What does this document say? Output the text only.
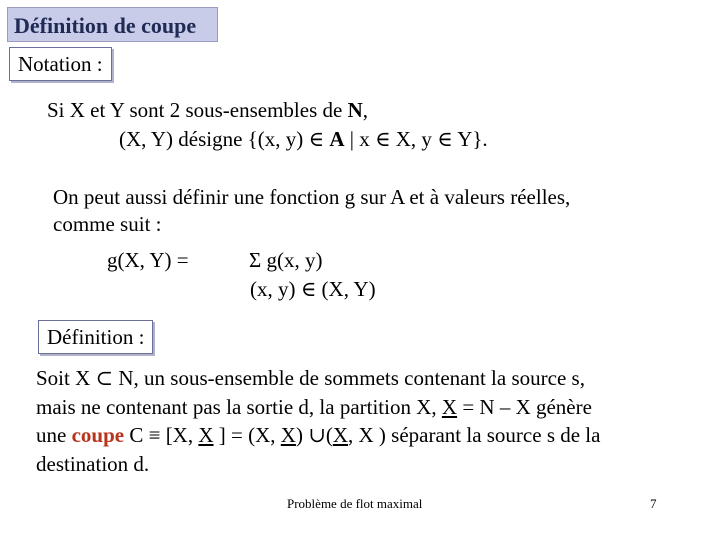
Définition de coupe
Notation :
Si X et Y sont 2 sous-ensembles de N,
(X, Y) désigne {(x, y) ∈ A | x ∈ X, y ∈ Y}.
On peut aussi définir une fonction g sur A et à valeurs réelles,
comme suit :
g(X, Y) =	Σ g(x, y)
(x, y) ∈ (X, Y)
Définition :
Soit X ⊂ N, un sous-ensemble de sommets contenant la source s,
mais ne contenant pas la sortie d, la partition X, X = N – X génère
une coupe C ≡ [X, X ] = (X, X) ∪(X, X ) séparant la source s de la
destination d.
Problème de flot maximal	7
